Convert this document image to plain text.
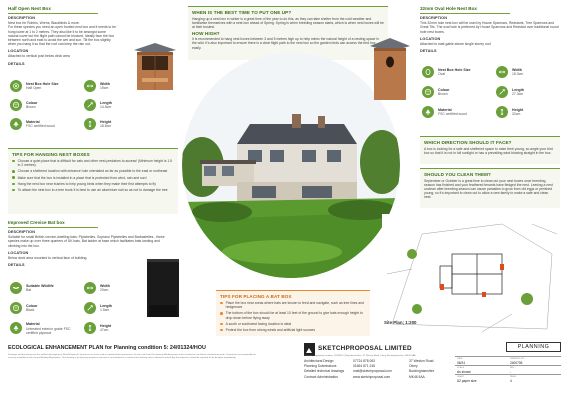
Half Open Nest Box
DESCRIPTION
Nest box for Robins, Wrens, Blackbirds & more.
For these species you need an open fronted nest box and it needs to be hung lower at 1 to 2 metres. They also like it to be amongst some natural cover but the flight path cannot be blocked. Ideally face the box between north and east to avoid the wet and sun. Tilt the box slightly when you hang it so that the roof can keep the rain out.
LOCATION
Attached to vertical post below deck area
DETAILS
Nest Box Hole Size
Half Open
Width
19cm
Colour
Brown
Length
14.5cm
Material
FSC certified wood
Height
18.5cm
TIPS FOR HANGING NEST BOXES
Choose a quiet place that is difficult for cats and other nest predators to access! (Minimum height is 1.5 to 2 metres)
Choose a sheltered location with entrance hole orientated as far as possible to the east or northeast
Make sure that the box is installed in a place that is protected from wind, rain and sun!
Hang the nest box near bushes to help young birds when they make their first attempts to fly
To attach the nest box to a tree trunk it is best to use an aluminium nail so as not to damage the tree
Improved Crevice Bat box
DESCRIPTION
Suitable for small British crevice-dwelling bats: Pipistrelles, Soprano Pipistrelles and Barbastelles - these species make up over three quarters of UK bats. Bat ladder at base which facilitates bats landing and climbing into the box.
LOCATION
Below deck area mounted to vertical face of building.
DETAILS
Suitable Wildlife
Bat
Width
20cm
Colour
Black
Length
1.5cm
Material
Untreated exterior grade FSC certified plywood
Height
47cm
WHEN IS THE BEST TIME TO PUT ONE UP?
Hanging up a nest box in winter is a great time of the year to do this, as they can take shelter from the cold weather and familiarise themselves with a nest box ahead of Spring. Spring is when breeding season starts, which is when nest boxes will be at their busiest.
HOW HIGH?
It is recommended to hang nest boxes between 3 and 5 metres high up to help mimic the natural height of a nesting space in the wild. It's also important to ensure there is a clear flight path to the nest box so the garden birds can access the bird box easily.
TIPS FOR PLACING A BAT BOX
Place the box near areas where bats are known to feed and navigate, such as tree lines and hedgerows
The bottom of the box should be at least 10 feet of the ground to give bats enough height to drop down before flying away
A south or southwest facing location is ideal
Protect the box from strong winds and artificial light sources
32mm Oval Hole Nest Box
DESCRIPTION
This 32mm hole nest box will be used by House Sparrows, Redstarts, Tree Sparrows and Great Tits. The oval hole is preferred by House Sparrows and Redstart over traditional round hole nest boxes.
LOCATION
Attached to east gable above single storey roof
DETAILS
Nest Box Hole Size
Oval
Width
18.3cm
Colour
Brown
Length
27.3cm
Material
FSC certified wood
Height
32cm
WHICH DIRECTION SHOULD IT FACE?
A box is looking for a safe and sheltered space to raise their young, so angle your bird box so that it is not in full sunlight or has a prevailing wind blowing straight in the box.
SHOULD YOU CLEAN THEM?
September or October is a great time to clean out your nest boxes once breeding season has finished and your feathered tenants have fledged the nest. Leaving a nest unclean after breeding season can cause parasites to grow from old eggs or perished young, so it's important to clean out to allow a new family to make a safe and clean nest.
Site Plan; 1:200
ECOLOGICAL ENHANCEMENT PLAN for Planning condition 5: 24/01324/HOU
Drawings and documents are the intellectual property of SketchProposal Ltd and are not to be used or copied without permission. Do not scale from this drawing. All dimensions to be checked on site before commencing work. Contractors are responsible for ensuring compliance with current Building Regulations. This drawing is for planning purposes only and is not intended as a construction drawing unless otherwise stated. Any discrepancies should be reported to the designer immediately.
SKETCHPROPOSAL LIMITED
Company registration number: 11368113 | Registered office: 37 Weston Road, Olney, Buckinghamshire, MK46 5AA
Architectural Design
Planning Submissions
Detailed technical drawings
Contract Administration
07724 878 063
01664 871 245
mail@sketchproposal.com
www.sketchproposal.com
37 Weston Road
Olney
Buckinghamshire
MK46 5AA
PLANNING
DATE
06/24
DRAWING NO.
2400706
SCALE
As shown
REV
-
SHEET
A2 paper size
PAGE
4
